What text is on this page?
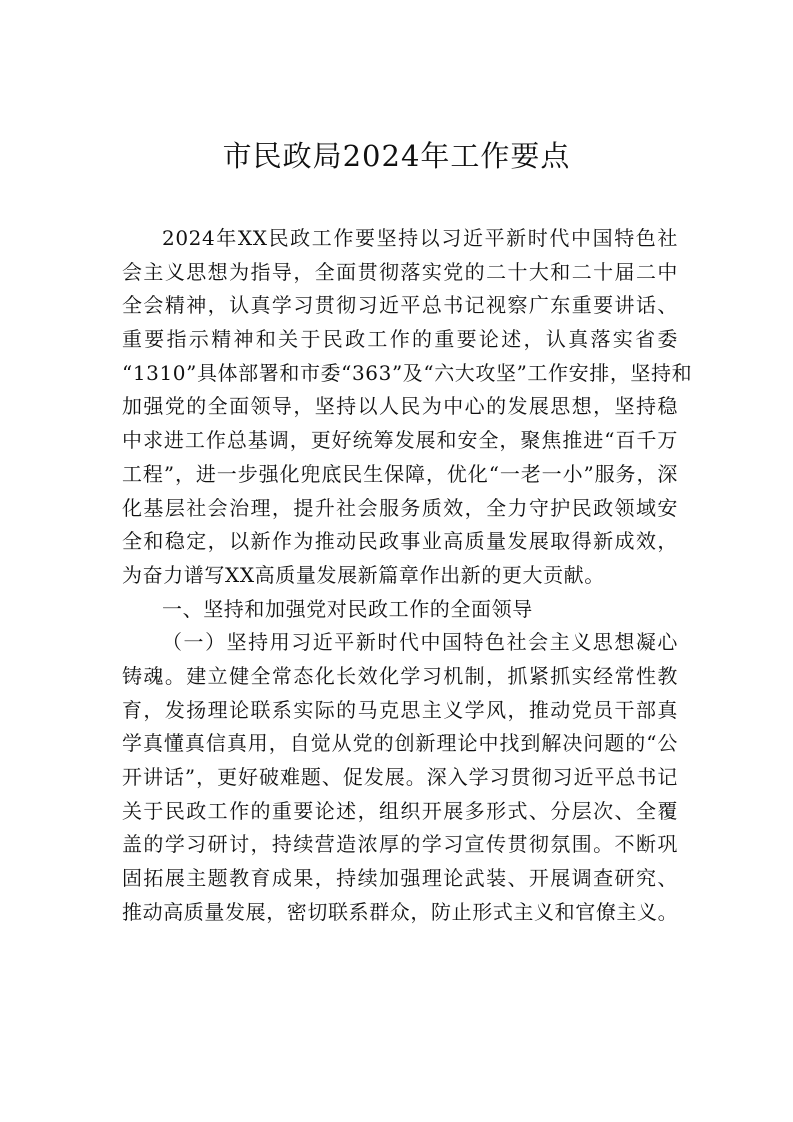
市民政局2024年工作要点
2024年XX民政工作要坚持以习近平新时代中国特色社
会主义思想为指导，全面贯彻落实党的二十大和二十届二中
全会精神，认真学习贯彻习近平总书记视察广东重要讲话、
重要指示精神和关于民政工作的重要论述，认真落实省委
“1310”具体部署和市委“363”及“六大攻坚”工作安排，坚持和
加强党的全面领导，坚持以人民为中心的发展思想，坚持稳
中求进工作总基调，更好统筹发展和安全，聚焦推进“百千万
工程”，进一步强化兜底民生保障，优化“一老一小”服务，深
化基层社会治理，提升社会服务质效，全力守护民政领域安
全和稳定，以新作为推动民政事业高质量发展取得新成效，
为奋力谱写XX高质量发展新篇章作出新的更大贡献。
一、坚持和加强党对民政工作的全面领导
（一）坚持用习近平新时代中国特色社会主义思想凝心
铸魂。建立健全常态化长效化学习机制，抓紧抓实经常性教
育，发扬理论联系实际的马克思主义学风，推动党员干部真
学真懂真信真用，自觉从党的创新理论中找到解决问题的“公
开讲话”，更好破难题、促发展。深入学习贯彻习近平总书记
关于民政工作的重要论述，组织开展多形式、分层次、全覆
盖的学习研讨，持续营造浓厚的学习宣传贯彻氛围。不断巩
固拓展主题教育成果，持续加强理论武装、开展调查研究、
推动高质量发展，密切联系群众，防止形式主义和官僚主义。
